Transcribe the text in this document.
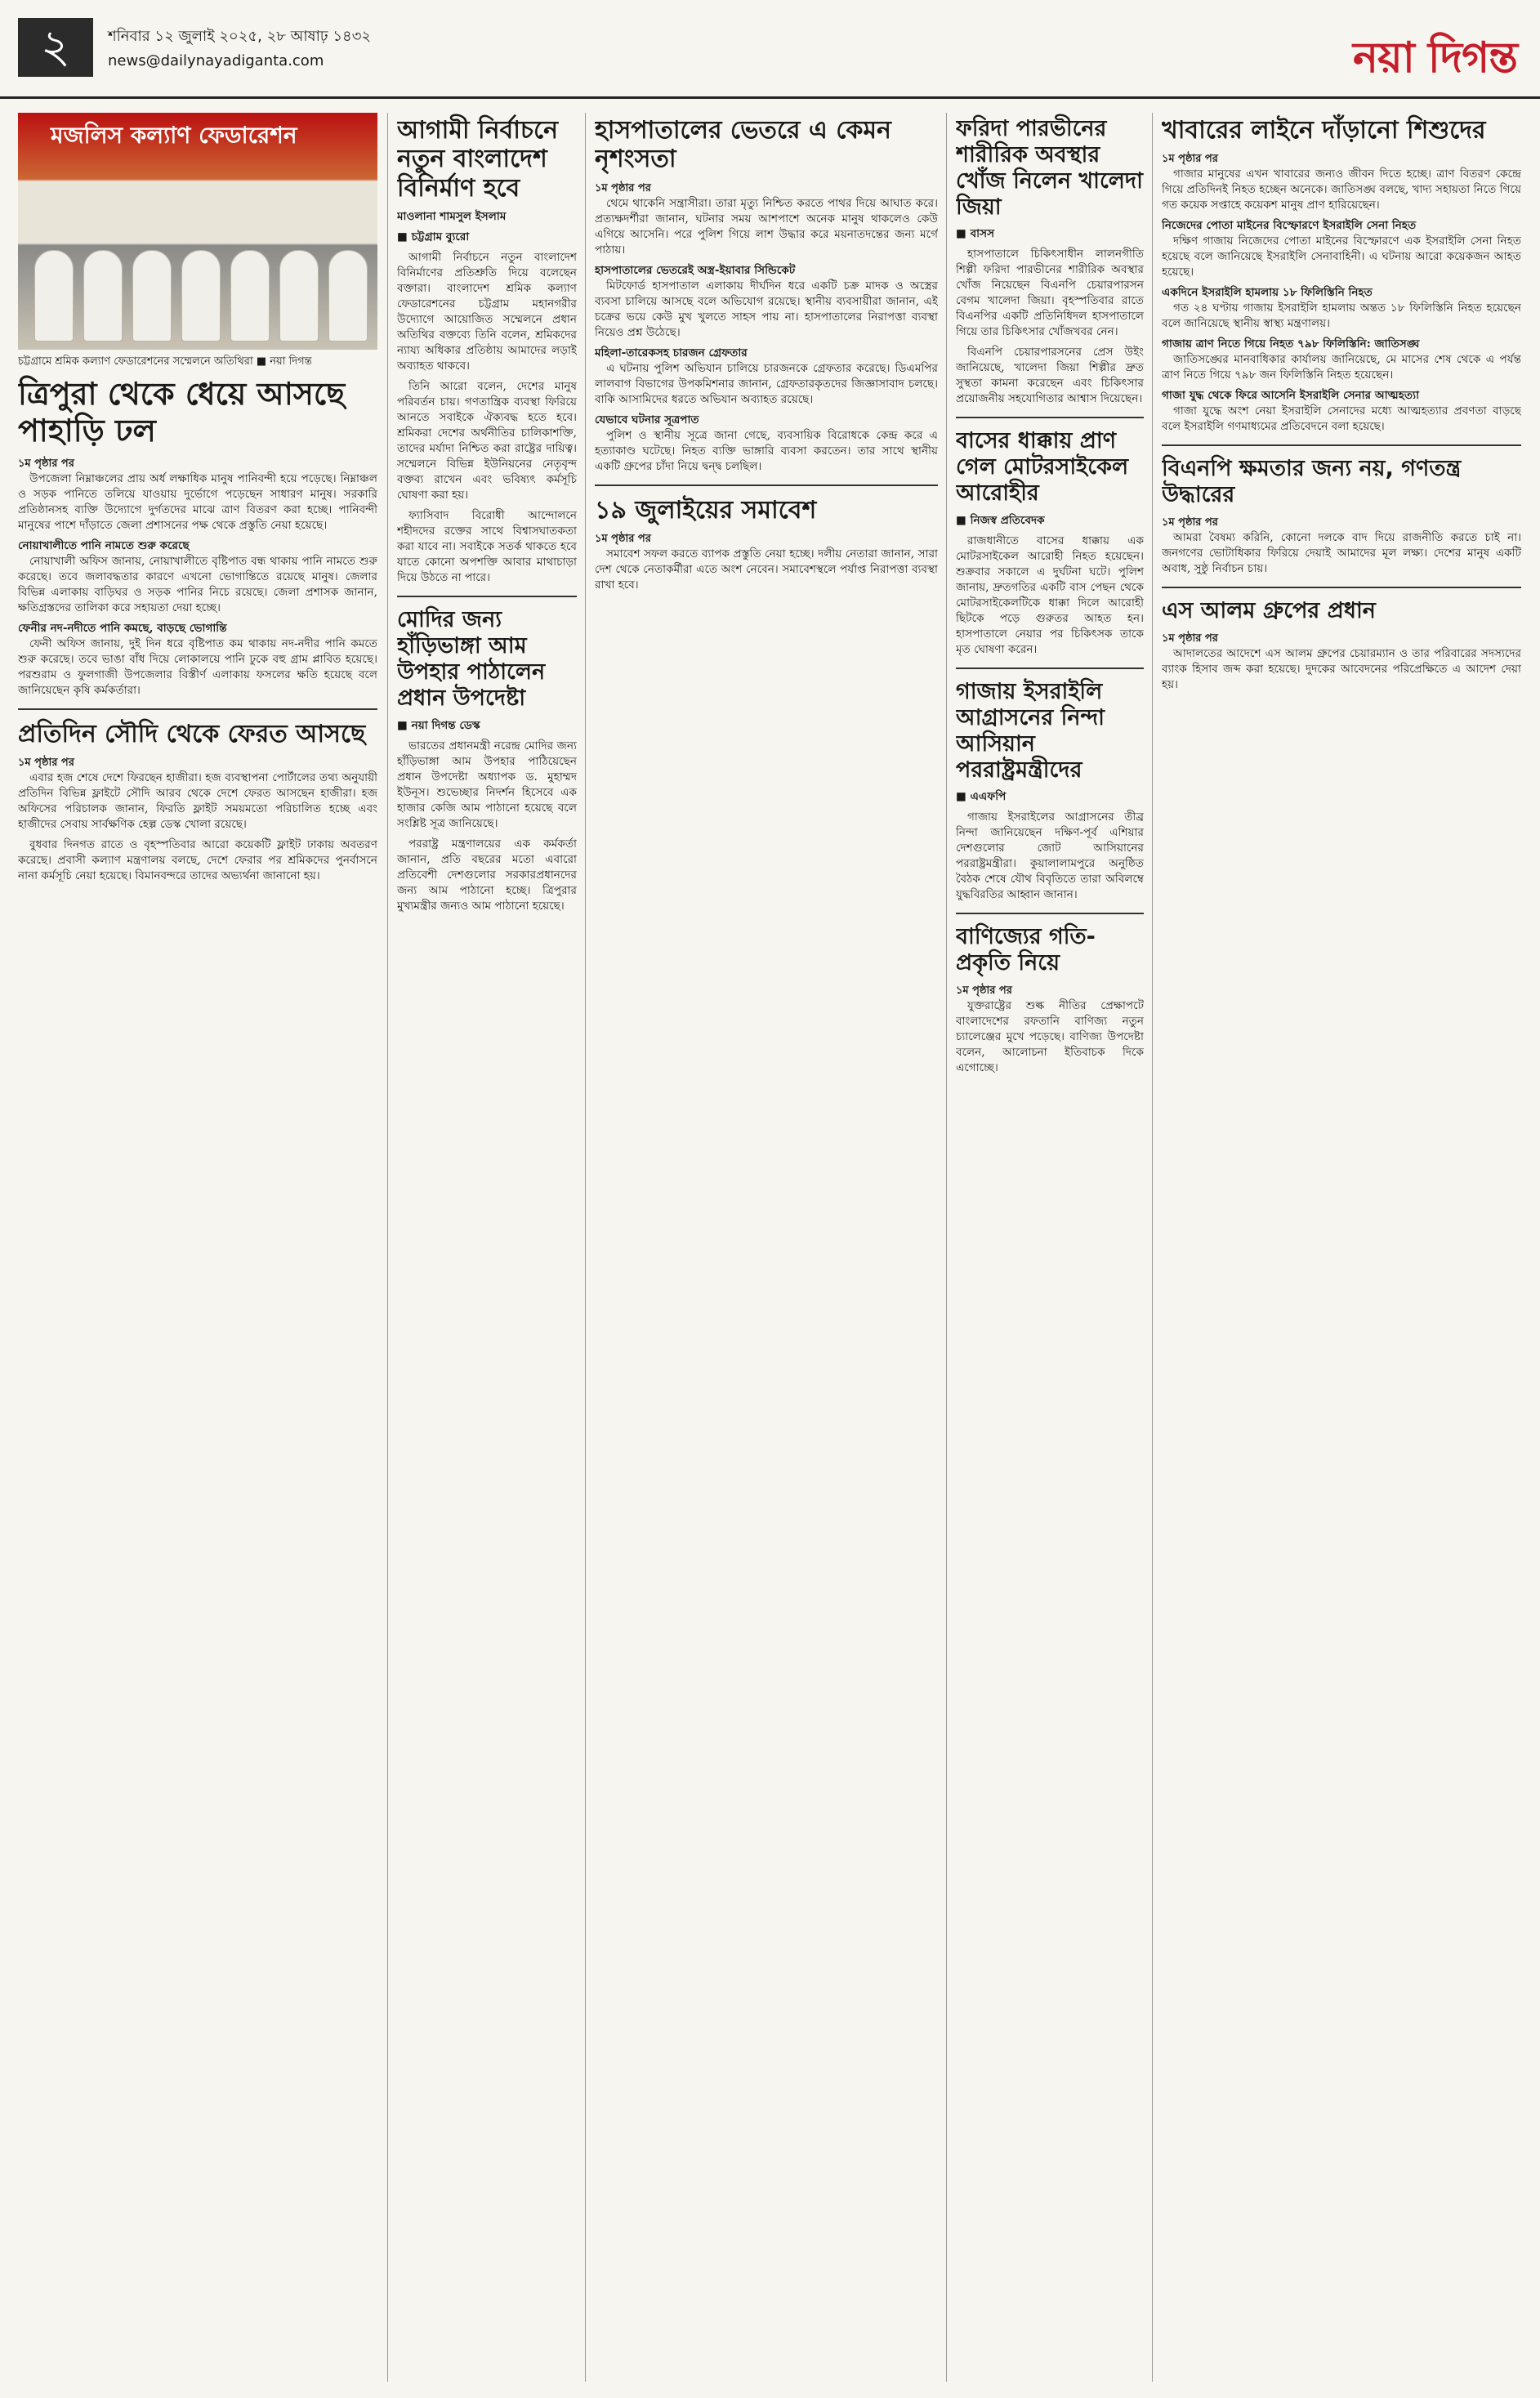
২	শনিবার ১২ জুলাই ২০২৫, ২৮ আষাঢ় ১৪৩২
news@dailynayadiganta.com	নয়া দিগন্ত
মজলিস কল্যাণ ফেডারেশন
চট্টগ্রামে শ্রমিক কল্যাণ ফেডারেশনের সম্মেলনে অতিথিরা ■ নয়া দিগন্ত
ত্রিপুরা থেকে ধেয়ে আসছে পাহাড়ি ঢল
১ম পৃষ্ঠার পর

উপজেলা নিম্নাঞ্চলের প্রায় অর্ধ লক্ষাধিক মানুষ পানিবন্দী হয়ে পড়েছে। নিম্নাঞ্চল ও সড়ক পানিতে তলিয়ে যাওয়ায় দুর্ভোগে পড়েছেন সাধারণ মানুষ। সরকারি প্রতিষ্ঠানসহ ব্যক্তি উদ্যোগে দুর্গতদের মাঝে ত্রাণ বিতরণ করা হচ্ছে। পানিবন্দী মানুষের পাশে দাঁড়াতে জেলা প্রশাসনের পক্ষ থেকে প্রস্তুতি নেয়া হয়েছে।

নোয়াখালীতে পানি নামতে শুরু করেছে

নোয়াখালী অফিস জানায়, নোয়াখালীতে বৃষ্টিপাত বন্ধ থাকায় পানি নামতে শুরু করেছে। তবে জলাবদ্ধতার কারণে এখনো ভোগান্তিতে রয়েছে মানুষ। জেলার বিভিন্ন এলাকায় বাড়িঘর ও সড়ক পানির নিচে রয়েছে। জেলা প্রশাসক জানান, ক্ষতিগ্রস্তদের তালিকা করে সহায়তা দেয়া হচ্ছে।

ফেনীর নদ-নদীতে পানি কমছে, বাড়ছে ভোগান্তি

ফেনী অফিস জানায়, দুই দিন ধরে বৃষ্টিপাত কম থাকায় নদ-নদীর পানি কমতে শুরু করেছে। তবে ভাঙা বাঁধ দিয়ে লোকালয়ে পানি ঢুকে বহু গ্রাম প্লাবিত হয়েছে। পরশুরাম ও ফুলগাজী উপজেলার বিস্তীর্ণ এলাকায় ফসলের ক্ষতি হয়েছে বলে জানিয়েছেন কৃষি কর্মকর্তারা।

প্রতিদিন সৌদি থেকে ফেরত আসছে
১ম পৃষ্ঠার পর

এবার হজ শেষে দেশে ফিরছেন হাজীরা। হজ ব্যবস্থাপনা পোর্টালের তথ্য অনুযায়ী প্রতিদিন বিভিন্ন ফ্লাইটে সৌদি আরব থেকে দেশে ফেরত আসছেন হাজীরা। হজ অফিসের পরিচালক জানান, ফিরতি ফ্লাইট সময়মতো পরিচালিত হচ্ছে এবং হাজীদের সেবায় সার্বক্ষণিক হেল্প ডেস্ক খোলা রয়েছে।

বুধবার দিনগত রাতে ও বৃহস্পতিবার আরো কয়েকটি ফ্লাইট ঢাকায় অবতরণ করেছে। প্রবাসী কল্যাণ মন্ত্রণালয় বলছে, দেশে ফেরার পর শ্রমিকদের পুনর্বাসনে নানা কর্মসূচি নেয়া হয়েছে। বিমানবন্দরে তাদের অভ্যর্থনা জানানো হয়।

আগামী নির্বাচনে নতুন বাংলাদেশ বিনির্মাণ হবে
মাওলানা শামসুল ইসলাম
■ চট্টগ্রাম ব্যুরো

আগামী নির্বাচনে নতুন বাংলাদেশ বিনির্মাণের প্রতিশ্রুতি দিয়ে বলেছেন বক্তারা। বাংলাদেশ শ্রমিক কল্যাণ ফেডারেশনের চট্টগ্রাম মহানগরীর উদ্যোগে আয়োজিত সম্মেলনে প্রধান অতিথির বক্তব্যে তিনি বলেন, শ্রমিকদের ন্যায্য অধিকার প্রতিষ্ঠায় আমাদের লড়াই অব্যাহত থাকবে।

তিনি আরো বলেন, দেশের মানুষ পরিবর্তন চায়। গণতান্ত্রিক ব্যবস্থা ফিরিয়ে আনতে সবাইকে ঐক্যবদ্ধ হতে হবে। শ্রমিকরা দেশের অর্থনীতির চালিকাশক্তি, তাদের মর্যাদা নিশ্চিত করা রাষ্ট্রের দায়িত্ব। সম্মেলনে বিভিন্ন ইউনিয়নের নেতৃবৃন্দ বক্তব্য রাখেন এবং ভবিষ্যৎ কর্মসূচি ঘোষণা করা হয়।

ফ্যাসিবাদ বিরোধী আন্দোলনে শহীদদের রক্তের সাথে বিশ্বাসঘাতকতা করা যাবে না। সবাইকে সতর্ক থাকতে হবে যাতে কোনো অপশক্তি আবার মাথাচাড়া দিয়ে উঠতে না পারে।

মোদির জন্য হাঁড়িভাঙ্গা আম উপহার পাঠালেন প্রধান উপদেষ্টা
■ নয়া দিগন্ত ডেস্ক

ভারতের প্রধানমন্ত্রী নরেন্দ্র মোদির জন্য হাঁড়িভাঙ্গা আম উপহার পাঠিয়েছেন প্রধান উপদেষ্টা অধ্যাপক ড. মুহাম্মদ ইউনূস। শুভেচ্ছার নিদর্শন হিসেবে এক হাজার কেজি আম পাঠানো হয়েছে বলে সংশ্লিষ্ট সূত্র জানিয়েছে।

পররাষ্ট্র মন্ত্রণালয়ের এক কর্মকর্তা জানান, প্রতি বছরের মতো এবারো প্রতিবেশী দেশগুলোর সরকারপ্রধানদের জন্য আম পাঠানো হচ্ছে। ত্রিপুরার মুখ্যমন্ত্রীর জন্যও আম পাঠানো হয়েছে।

হাসপাতালের ভেতরে এ কেমন নৃশংসতা
১ম পৃষ্ঠার পর

থেমে থাকেনি সন্ত্রাসীরা। তারা মৃত্যু নিশ্চিত করতে পাথর দিয়ে আঘাত করে। প্রত্যক্ষদর্শীরা জানান, ঘটনার সময় আশপাশে অনেক মানুষ থাকলেও কেউ এগিয়ে আসেনি। পরে পুলিশ গিয়ে লাশ উদ্ধার করে ময়নাতদন্তের জন্য মর্গে পাঠায়।

হাসপাতালের ভেতরেই অস্ত্র-ইয়াবার সিন্ডিকেট

মিটফোর্ড হাসপাতাল এলাকায় দীর্ঘদিন ধরে একটি চক্র মাদক ও অস্ত্রের ব্যবসা চালিয়ে আসছে বলে অভিযোগ রয়েছে। স্থানীয় ব্যবসায়ীরা জানান, এই চক্রের ভয়ে কেউ মুখ খুলতে সাহস পায় না। হাসপাতালের নিরাপত্তা ব্যবস্থা নিয়েও প্রশ্ন উঠেছে।

মহিলা-তারেকসহ চারজন গ্রেফতার

এ ঘটনায় পুলিশ অভিযান চালিয়ে চারজনকে গ্রেফতার করেছে। ডিএমপির লালবাগ বিভাগের উপকমিশনার জানান, গ্রেফতারকৃতদের জিজ্ঞাসাবাদ চলছে। বাকি আসামিদের ধরতে অভিযান অব্যাহত রয়েছে।

যেভাবে ঘটনার সূত্রপাত

পুলিশ ও স্থানীয় সূত্রে জানা গেছে, ব্যবসায়িক বিরোধকে কেন্দ্র করে এ হত্যাকাণ্ড ঘটেছে। নিহত ব্যক্তি ভাঙ্গারি ব্যবসা করতেন। তার সাথে স্থানীয় একটি গ্রুপের চাঁদা নিয়ে দ্বন্দ্ব চলছিল।

১৯ জুলাইয়ের সমাবেশ
১ম পৃষ্ঠার পর

সমাবেশ সফল করতে ব্যাপক প্রস্তুতি নেয়া হচ্ছে। দলীয় নেতারা জানান, সারা দেশ থেকে নেতাকর্মীরা এতে অংশ নেবেন। সমাবেশস্থলে পর্যাপ্ত নিরাপত্তা ব্যবস্থা রাখা হবে।

ফরিদা পারভীনের শারীরিক অবস্থার খোঁজ নিলেন খালেদা জিয়া
■ বাসস

হাসপাতালে চিকিৎসাধীন লালনগীতি শিল্পী ফরিদা পারভীনের শারীরিক অবস্থার খোঁজ নিয়েছেন বিএনপি চেয়ারপারসন বেগম খালেদা জিয়া। বৃহস্পতিবার রাতে বিএনপির একটি প্রতিনিধিদল হাসপাতালে গিয়ে তার চিকিৎসার খোঁজখবর নেন।

বিএনপি চেয়ারপারসনের প্রেস উইং জানিয়েছে, খালেদা জিয়া শিল্পীর দ্রুত সুস্থতা কামনা করেছেন এবং চিকিৎসার প্রয়োজনীয় সহযোগিতার আশ্বাস দিয়েছেন।

বাসের ধাক্কায় প্রাণ গেল মোটরসাইকেল আরোহীর
■ নিজস্ব প্রতিবেদক

রাজধানীতে বাসের ধাক্কায় এক মোটরসাইকেল আরোহী নিহত হয়েছেন। শুক্রবার সকালে এ দুর্ঘটনা ঘটে। পুলিশ জানায়, দ্রুতগতির একটি বাস পেছন থেকে মোটরসাইকেলটিকে ধাক্কা দিলে আরোহী ছিটকে পড়ে গুরুতর আহত হন। হাসপাতালে নেয়ার পর চিকিৎসক তাকে মৃত ঘোষণা করেন।

গাজায় ইসরাইলি আগ্রাসনের নিন্দা আসিয়ান পররাষ্ট্রমন্ত্রীদের
■ এএফপি

গাজায় ইসরাইলের আগ্রাসনের তীব্র নিন্দা জানিয়েছেন দক্ষিণ-পূর্ব এশিয়ার দেশগুলোর জোট আসিয়ানের পররাষ্ট্রমন্ত্রীরা। কুয়ালালামপুরে অনুষ্ঠিত বৈঠক শেষে যৌথ বিবৃতিতে তারা অবিলম্বে যুদ্ধবিরতির আহ্বান জানান।

বাণিজ্যের গতি-প্রকৃতি নিয়ে
১ম পৃষ্ঠার পর

যুক্তরাষ্ট্রের শুল্ক নীতির প্রেক্ষাপটে বাংলাদেশের রফতানি বাণিজ্য নতুন চ্যালেঞ্জের মুখে পড়েছে। বাণিজ্য উপদেষ্টা বলেন, আলোচনা ইতিবাচক দিকে এগোচ্ছে।

খাবারের লাইনে দাঁড়ানো শিশুদের
১ম পৃষ্ঠার পর

গাজার মানুষের এখন খাবারের জন্যও জীবন দিতে হচ্ছে। ত্রাণ বিতরণ কেন্দ্রে গিয়ে প্রতিদিনই নিহত হচ্ছেন অনেকে। জাতিসঙ্ঘ বলছে, খাদ্য সহায়তা নিতে গিয়ে গত কয়েক সপ্তাহে কয়েকশ মানুষ প্রাণ হারিয়েছেন।

নিজেদের পোতা মাইনের বিস্ফোরণে ইসরাইলি সেনা নিহত

দক্ষিণ গাজায় নিজেদের পোতা মাইনের বিস্ফোরণে এক ইসরাইলি সেনা নিহত হয়েছে বলে জানিয়েছে ইসরাইলি সেনাবাহিনী। এ ঘটনায় আরো কয়েকজন আহত হয়েছে।

একদিনে ইসরাইলি হামলায় ১৮ ফিলিস্তিনি নিহত

গত ২৪ ঘণ্টায় গাজায় ইসরাইলি হামলায় অন্তত ১৮ ফিলিস্তিনি নিহত হয়েছেন বলে জানিয়েছে স্থানীয় স্বাস্থ্য মন্ত্রণালয়।

গাজায় ত্রাণ নিতে গিয়ে নিহত ৭৯৮ ফিলিস্তিনি: জাতিসঙ্ঘ

জাতিসঙ্ঘের মানবাধিকার কার্যালয় জানিয়েছে, মে মাসের শেষ থেকে এ পর্যন্ত ত্রাণ নিতে গিয়ে ৭৯৮ জন ফিলিস্তিনি নিহত হয়েছেন।

গাজা যুদ্ধ থেকে ফিরে আসেনি ইসরাইলি সেনার আত্মহত্যা

গাজা যুদ্ধে অংশ নেয়া ইসরাইলি সেনাদের মধ্যে আত্মহত্যার প্রবণতা বাড়ছে বলে ইসরাইলি গণমাধ্যমের প্রতিবেদনে বলা হয়েছে।

বিএনপি ক্ষমতার জন্য নয়, গণতন্ত্র উদ্ধারের
১ম পৃষ্ঠার পর

আমরা বৈষম্য করিনি, কোনো দলকে বাদ দিয়ে রাজনীতি করতে চাই না। জনগণের ভোটাধিকার ফিরিয়ে দেয়াই আমাদের মূল লক্ষ্য। দেশের মানুষ একটি অবাধ, সুষ্ঠু নির্বাচন চায়।

এস আলম গ্রুপের প্রধান
১ম পৃষ্ঠার পর

আদালতের আদেশে এস আলম গ্রুপের চেয়ারম্যান ও তার পরিবারের সদস্যদের ব্যাংক হিসাব জব্দ করা হয়েছে। দুদকের আবেদনের পরিপ্রেক্ষিতে এ আদেশ দেয়া হয়।
